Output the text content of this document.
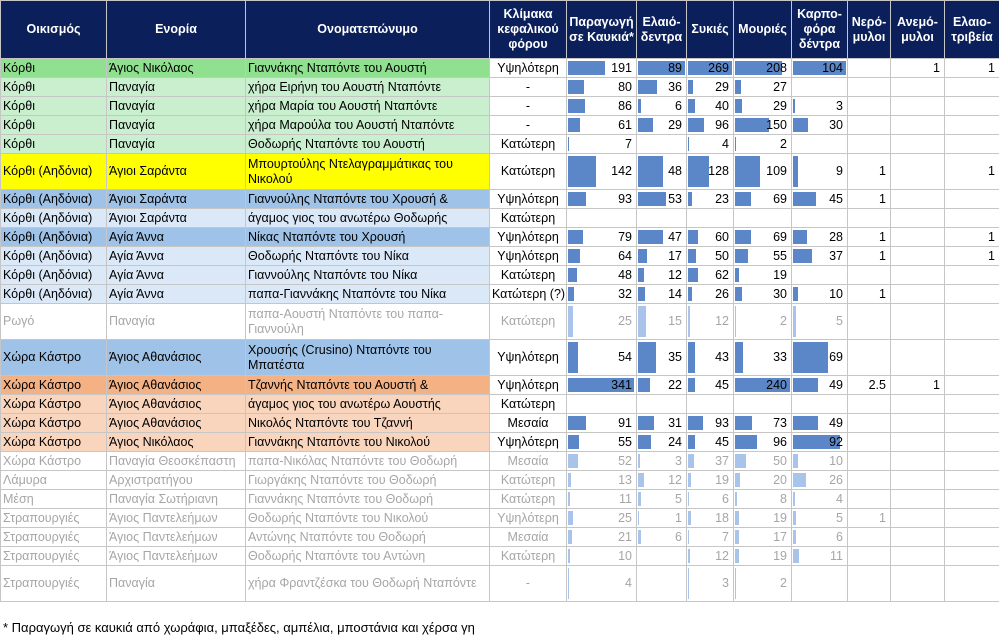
Οικισμός	Ενορία	Ονοματεπώνυμο	Κλίμακα κεφαλικού φόρου	Παραγωγή σε Καυκιά*	Ελαιό-δεντρα	Συκιές	Μουριές	Καρπο-φόρα δέντρα	Νερό-μυλοι	Ανεμό-μυλοι	Ελαιο-τριβεία
Κόρθι	Άγιος Νικόλαος	Γιαννάκης Νταπόντε του Αουστή	Υψηλότερη	191	89	269	208	104		1	1
Κόρθι	Παναγία	χήρα Ειρήνη του Αουστή Νταπόντε	-	80	36	29	27				
Κόρθι	Παναγία	χήρα Μαρία του Αουστή Νταπόντε	-	86	6	40	29	3			
Κόρθι	Παναγία	χήρα Μαρούλα του Αουστή Νταπόντε	-	61	29	96	150	30			
Κόρθι	Παναγία	Θοδωρής Νταπόντε του Αουστή	Κατώτερη	7		4	2				
Κόρθι (Αηδόνια)	Άγιοι Σαράντα	Μπουρτούλης Ντελαγραμμάτικας του Νικολού	Κατώτερη	142	48	128	109	9	1		1
Κόρθι (Αηδόνια)	Άγιοι Σαράντα	Γιαννούλης Νταπόντε του Χρουσή &	Υψηλότερη	93	53	23	69	45	1		
Κόρθι (Αηδόνια)	Άγιοι Σαράντα	άγαμος γιος του ανωτέρω Θοδωρής	Κατώτερη								
Κόρθι (Αηδόνια)	Αγία Άννα	Νίκας Νταπόντε του Χρουσή	Υψηλότερη	79	47	60	69	28	1		1
Κόρθι (Αηδόνια)	Αγία Άννα	Θοδωρής Νταπόντε του Νίκα	Υψηλότερη	64	17	50	55	37	1		1
Κόρθι (Αηδόνια)	Αγία Άννα	Γιαννούλης Νταπόντε του Νίκα	Κατώτερη	48	12	62	19				
Κόρθι (Αηδόνια)	Αγία Άννα	παπα-Γιαννάκης Νταπόντε του Νίκα	Κατώτερη (?)	32	14	26	30	10	1		
Ρωγό	Παναγία	παπα-Αουστή Νταπόντε του παπα-Γιαννούλη	Κατώτερη	25	15	12	2	5			
Χώρα Κάστρο	Άγιος Αθανάσιος	Χρουσής (Crusino) Νταπόντε του Μπατέστα	Υψηλότερη	54	35	43	33	69			
Χώρα Κάστρο	Άγιος Αθανάσιος	Τζαννής Νταπόντε του Αουστή &	Υψηλότερη	341	22	45	240	49	2.5	1	
Χώρα Κάστρο	Άγιος Αθανάσιος	άγαμος γιος του ανωτέρω Αουστής	Κατώτερη								
Χώρα Κάστρο	Άγιος Αθανάσιος	Νικολός Νταπόντε του Τζαννή	Μεσαία	91	31	93	73	49			
Χώρα Κάστρο	Άγιος Νικόλαος	Γιαννάκης Νταπόντε του Νικολού	Υψηλότερη	55	24	45	96	92			
Χώρα Κάστρο	Παναγία Θεοσκέπαστη	παπα-Νικόλας Νταπόντε του Θοδωρή	Μεσαία	52	3	37	50	10			
Λάμυρα	Αρχιστρατήγου	Γιωργάκης Νταπόντε του Θοδωρή	Κατώτερη	13	12	19	20	26			
Μέση	Παναγία Σωτήριανη	Γιαννάκης Νταπόντε του Θοδωρή	Κατώτερη	11	5	6	8	4			
Στραπουργιές	Άγιος Παντελεήμων	Θοδωρής Νταπόντε του Νικολού	Υψηλότερη	25	1	18	19	5	1		
Στραπουργιές	Άγιος Παντελεήμων	Αντώνης Νταπόντε του Θοδωρή	Μεσαία	21	6	7	17	6			
Στραπουργιές	Άγιος Παντελεήμων	Θοδωρής Νταπόντε του Αντώνη	Κατώτερη	10		12	19	11			
Στραπουργιές	Παναγία	χήρα Φραντζέσκα του Θοδωρή Νταπόντε	-	4		3	2				
* Παραγωγή σε καυκιά από χωράφια, μπαξέδες, αμπέλια, μποστάνια και χέρσα γη
